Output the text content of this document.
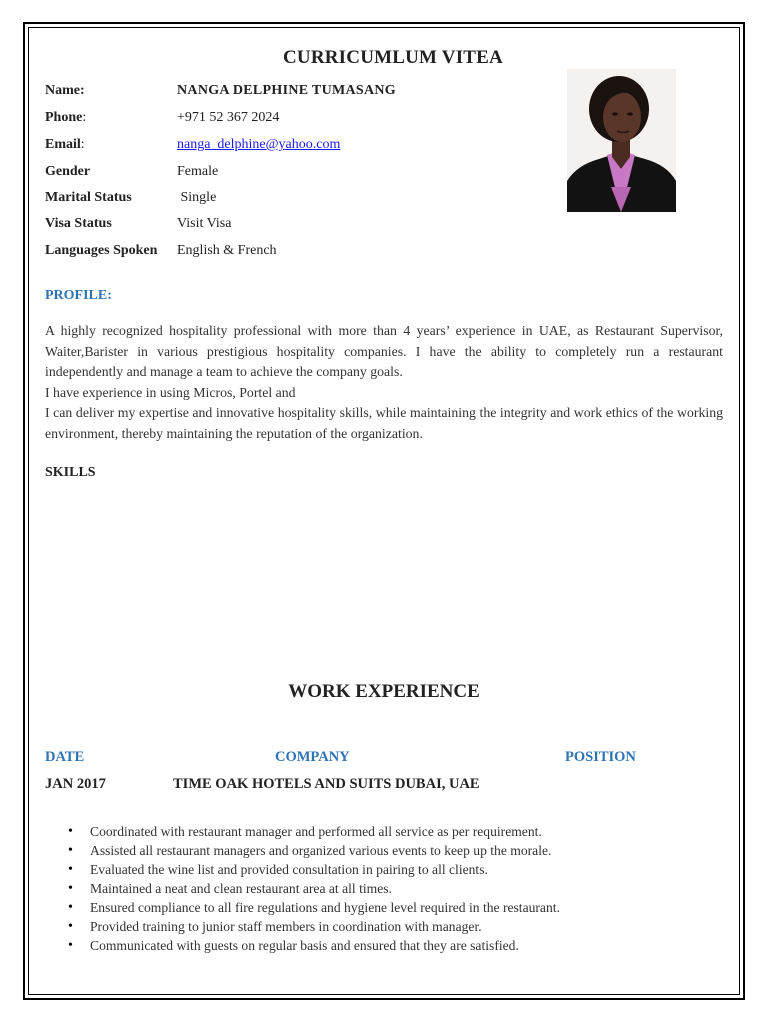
CURRICUMLUM VITEA
Name:	NANGA DELPHINE TUMASANG
Phone:	+971 52 367 2024
Email:	nanga_delphine@yahoo.com
Gender	Female
Marital Status	Single
Visa Status	Visit Visa
Languages Spoken English & French
PROFILE:

A highly recognized hospitality professional with more than 4 years’ experience in UAE, as Restaurant Supervisor, Waiter,Barister in various prestigious hospitality companies. I have the ability to completely run a restaurant independently and manage a team to achieve the company goals.

I have experience in using Micros, Portel and

I can deliver my expertise and innovative hospitality skills, while maintaining the integrity and work ethics of the working environment, thereby maintaining the reputation of the organization.

SKILLS
WORK EXPERIENCE
DATE	COMPANY	POSITION
JAN 2017	TIME OAK HOTELS AND SUITS DUBAI, UAE
• Coordinated with restaurant manager and performed all service as per requirement.
• Assisted all restaurant managers and organized various events to keep up the morale.
• Evaluated the wine list and provided consultation in pairing to all clients.
• Maintained a neat and clean restaurant area at all times.
• Ensured compliance to all fire regulations and hygiene level required in the restaurant.
• Provided training to junior staff members in coordination with manager.
• Communicated with guests on regular basis and ensured that they are satisfied.
